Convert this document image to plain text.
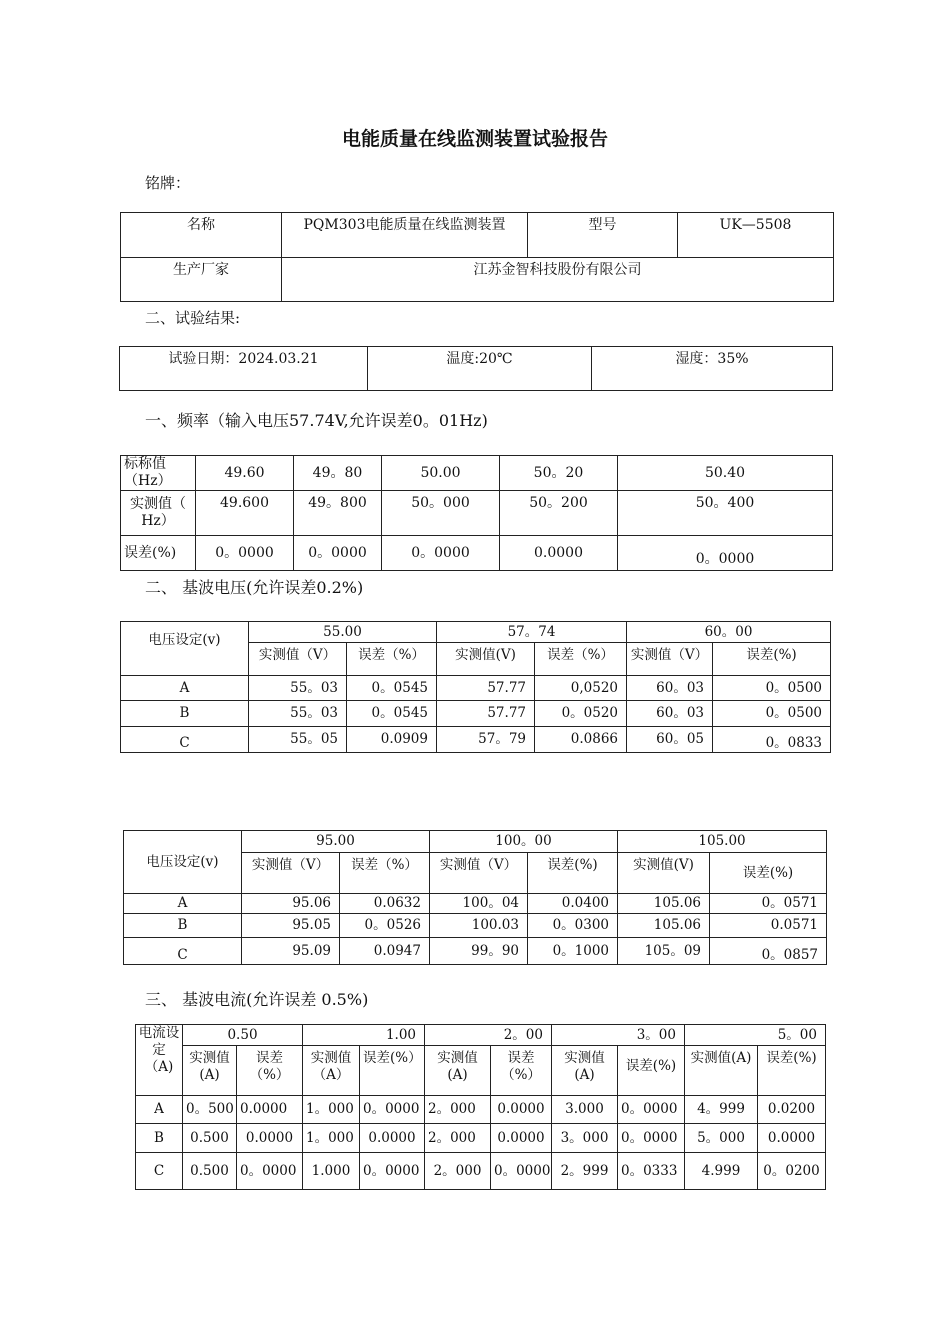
电能质量在线监测装置试验报告
铭牌：
名称	PQM303电能质量在线监测装置	型号	UK—5508
生产厂家	江苏金智科技股份有限公司		
二、试验结果:
试验日期：2024.03.21	温度:20℃	湿度：35%
一、频率（输入电压57.74V,允许误差0。01Hz)
标称值（Hz）	49.60	49。80	50.00	50。20	50.40
实测值（ Hz）	49.600	49。800	50。000	50。200	50。400
误差(%)	0。0000	0。0000	0。0000	0.0000	0。0000
二、 基波电压(允许误差0.2%)
电压设定(v)	55.00		57。74		60。00	
	实测值（V）	误差（%）	实测值(V)	误差（%）	实测值（V）	误差(%)
A	55。03	0。0545	57.77	0,0520	60。03	0。0500
B	55。03	0。0545	57.77	0。0520	60。03	0。0500
C	55。05	0.0909	57。79	0.0866	60。05	0。0833
电压设定(v)	95.00		100。00		105.00	
	实测值（V）	误差（%）	实测值（V）	误差(%)	实测值(V)	误差(%)
A	95.06	0.0632	100。04	0.0400	105.06	0。0571
B	95.05	0。0526	100.03	0。0300	105.06	0.0571
C	95.09	0.0947	99。90	0。1000	105。09	0。0857
三、 基波电流(允许误差 0.5%)
电流设定（A)	0.50		1.00		2。00		3。00		5。00	
	实测值(A)	误差（%）	实测值（A）	误差(%）	实测值(A)	误差（%）	实测值(A)	误差(%)	实测值(A)	误差(%)
A	0。500	0.0000	1。000	0。0000	2。000	0.0000	3.000	0。0000	4。999	0.0200
B	0.500	0.0000	1。000	0.0000	2。000	0.0000	3。000	0。0000	5。000	0.0000
C	0.500	0。0000	1.000	0。0000	2。000	0。0000	2。999	0。0333	4.999	0。0200
